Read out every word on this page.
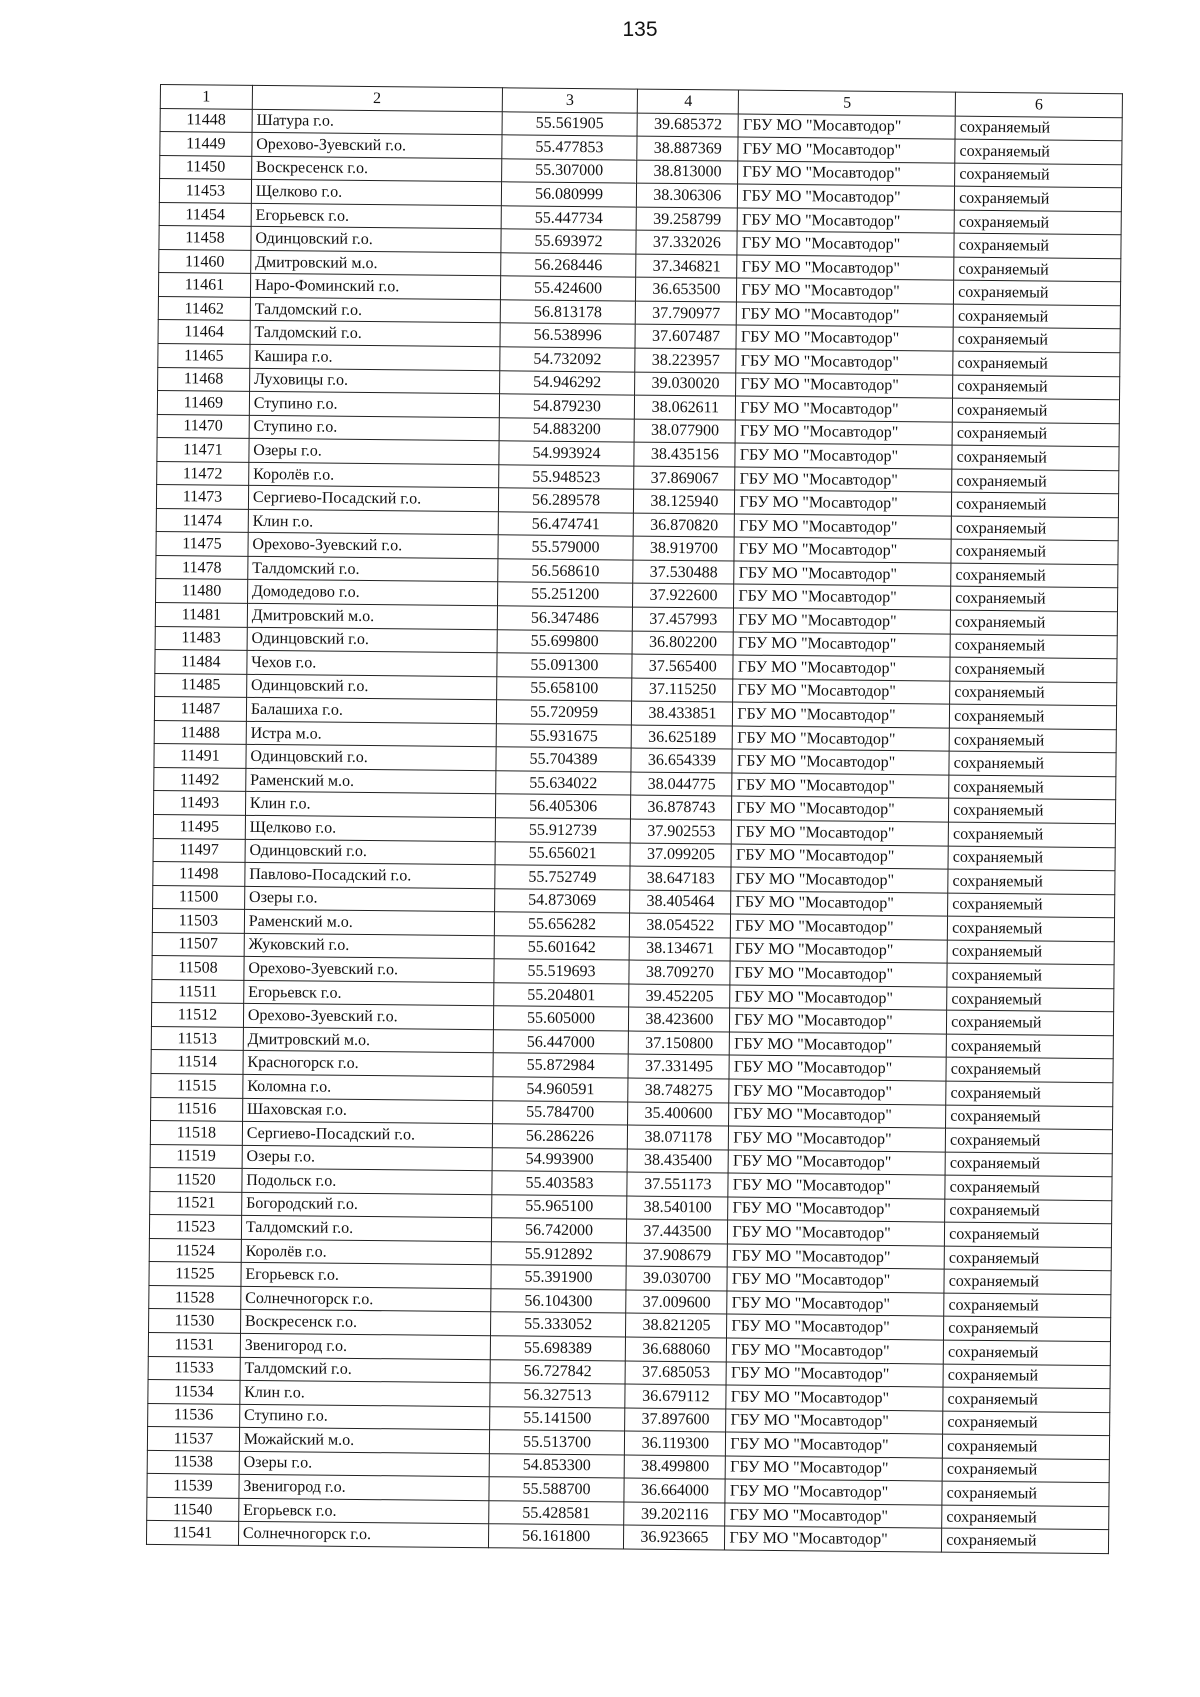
135
1	2	3	4	5	6
11448	Шатура г.о.	55.561905	39.685372	ГБУ МО "Мосавтодор"	сохраняемый
11449	Орехово-Зуевский г.о.	55.477853	38.887369	ГБУ МО "Мосавтодор"	сохраняемый
11450	Воскресенск г.о.	55.307000	38.813000	ГБУ МО "Мосавтодор"	сохраняемый
11453	Щелково г.о.	56.080999	38.306306	ГБУ МО "Мосавтодор"	сохраняемый
11454	Егорьевск г.о.	55.447734	39.258799	ГБУ МО "Мосавтодор"	сохраняемый
11458	Одинцовский г.о.	55.693972	37.332026	ГБУ МО "Мосавтодор"	сохраняемый
11460	Дмитровский м.о.	56.268446	37.346821	ГБУ МО "Мосавтодор"	сохраняемый
11461	Наро-Фоминский г.о.	55.424600	36.653500	ГБУ МО "Мосавтодор"	сохраняемый
11462	Талдомский г.о.	56.813178	37.790977	ГБУ МО "Мосавтодор"	сохраняемый
11464	Талдомский г.о.	56.538996	37.607487	ГБУ МО "Мосавтодор"	сохраняемый
11465	Кашира г.о.	54.732092	38.223957	ГБУ МО "Мосавтодор"	сохраняемый
11468	Луховицы г.о.	54.946292	39.030020	ГБУ МО "Мосавтодор"	сохраняемый
11469	Ступино г.о.	54.879230	38.062611	ГБУ МО "Мосавтодор"	сохраняемый
11470	Ступино г.о.	54.883200	38.077900	ГБУ МО "Мосавтодор"	сохраняемый
11471	Озеры г.о.	54.993924	38.435156	ГБУ МО "Мосавтодор"	сохраняемый
11472	Королёв г.о.	55.948523	37.869067	ГБУ МО "Мосавтодор"	сохраняемый
11473	Сергиево-Посадский г.о.	56.289578	38.125940	ГБУ МО "Мосавтодор"	сохраняемый
11474	Клин г.о.	56.474741	36.870820	ГБУ МО "Мосавтодор"	сохраняемый
11475	Орехово-Зуевский г.о.	55.579000	38.919700	ГБУ МО "Мосавтодор"	сохраняемый
11478	Талдомский г.о.	56.568610	37.530488	ГБУ МО "Мосавтодор"	сохраняемый
11480	Домодедово г.о.	55.251200	37.922600	ГБУ МО "Мосавтодор"	сохраняемый
11481	Дмитровский м.о.	56.347486	37.457993	ГБУ МО "Мосавтодор"	сохраняемый
11483	Одинцовский г.о.	55.699800	36.802200	ГБУ МО "Мосавтодор"	сохраняемый
11484	Чехов г.о.	55.091300	37.565400	ГБУ МО "Мосавтодор"	сохраняемый
11485	Одинцовский г.о.	55.658100	37.115250	ГБУ МО "Мосавтодор"	сохраняемый
11487	Балашиха г.о.	55.720959	38.433851	ГБУ МО "Мосавтодор"	сохраняемый
11488	Истра м.о.	55.931675	36.625189	ГБУ МО "Мосавтодор"	сохраняемый
11491	Одинцовский г.о.	55.704389	36.654339	ГБУ МО "Мосавтодор"	сохраняемый
11492	Раменский м.о.	55.634022	38.044775	ГБУ МО "Мосавтодор"	сохраняемый
11493	Клин г.о.	56.405306	36.878743	ГБУ МО "Мосавтодор"	сохраняемый
11495	Щелково г.о.	55.912739	37.902553	ГБУ МО "Мосавтодор"	сохраняемый
11497	Одинцовский г.о.	55.656021	37.099205	ГБУ МО "Мосавтодор"	сохраняемый
11498	Павлово-Посадский г.о.	55.752749	38.647183	ГБУ МО "Мосавтодор"	сохраняемый
11500	Озеры г.о.	54.873069	38.405464	ГБУ МО "Мосавтодор"	сохраняемый
11503	Раменский м.о.	55.656282	38.054522	ГБУ МО "Мосавтодор"	сохраняемый
11507	Жуковский г.о.	55.601642	38.134671	ГБУ МО "Мосавтодор"	сохраняемый
11508	Орехово-Зуевский г.о.	55.519693	38.709270	ГБУ МО "Мосавтодор"	сохраняемый
11511	Егорьевск г.о.	55.204801	39.452205	ГБУ МО "Мосавтодор"	сохраняемый
11512	Орехово-Зуевский г.о.	55.605000	38.423600	ГБУ МО "Мосавтодор"	сохраняемый
11513	Дмитровский м.о.	56.447000	37.150800	ГБУ МО "Мосавтодор"	сохраняемый
11514	Красногорск г.о.	55.872984	37.331495	ГБУ МО "Мосавтодор"	сохраняемый
11515	Коломна г.о.	54.960591	38.748275	ГБУ МО "Мосавтодор"	сохраняемый
11516	Шаховская г.о.	55.784700	35.400600	ГБУ МО "Мосавтодор"	сохраняемый
11518	Сергиево-Посадский г.о.	56.286226	38.071178	ГБУ МО "Мосавтодор"	сохраняемый
11519	Озеры г.о.	54.993900	38.435400	ГБУ МО "Мосавтодор"	сохраняемый
11520	Подольск г.о.	55.403583	37.551173	ГБУ МО "Мосавтодор"	сохраняемый
11521	Богородский г.о.	55.965100	38.540100	ГБУ МО "Мосавтодор"	сохраняемый
11523	Талдомский г.о.	56.742000	37.443500	ГБУ МО "Мосавтодор"	сохраняемый
11524	Королёв г.о.	55.912892	37.908679	ГБУ МО "Мосавтодор"	сохраняемый
11525	Егорьевск г.о.	55.391900	39.030700	ГБУ МО "Мосавтодор"	сохраняемый
11528	Солнечногорск г.о.	56.104300	37.009600	ГБУ МО "Мосавтодор"	сохраняемый
11530	Воскресенск г.о.	55.333052	38.821205	ГБУ МО "Мосавтодор"	сохраняемый
11531	Звенигород г.о.	55.698389	36.688060	ГБУ МО "Мосавтодор"	сохраняемый
11533	Талдомский г.о.	56.727842	37.685053	ГБУ МО "Мосавтодор"	сохраняемый
11534	Клин г.о.	56.327513	36.679112	ГБУ МО "Мосавтодор"	сохраняемый
11536	Ступино г.о.	55.141500	37.897600	ГБУ МО "Мосавтодор"	сохраняемый
11537	Можайский м.о.	55.513700	36.119300	ГБУ МО "Мосавтодор"	сохраняемый
11538	Озеры г.о.	54.853300	38.499800	ГБУ МО "Мосавтодор"	сохраняемый
11539	Звенигород г.о.	55.588700	36.664000	ГБУ МО "Мосавтодор"	сохраняемый
11540	Егорьевск г.о.	55.428581	39.202116	ГБУ МО "Мосавтодор"	сохраняемый
11541	Солнечногорск г.о.	56.161800	36.923665	ГБУ МО "Мосавтодор"	сохраняемый
